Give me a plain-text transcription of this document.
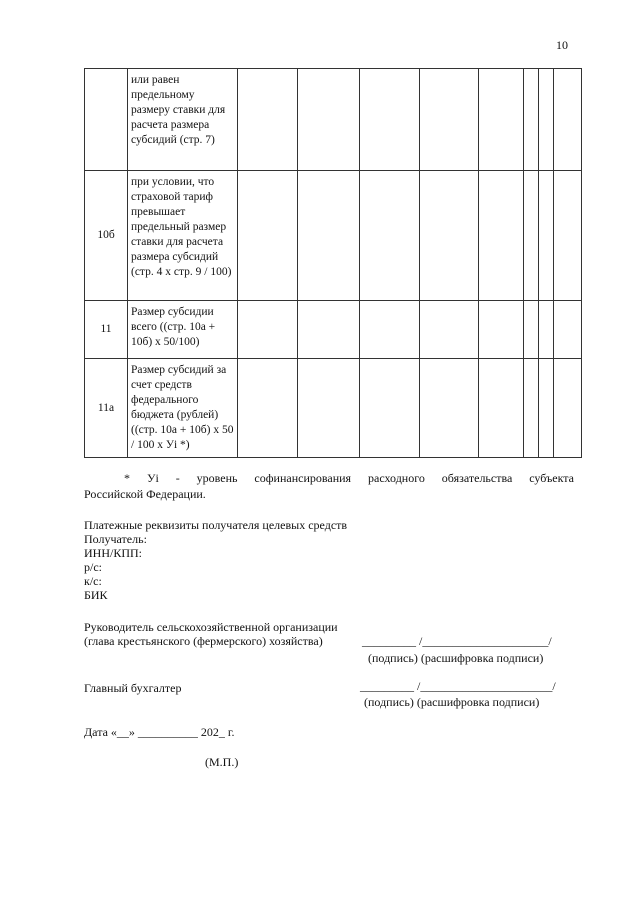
10
	или равен предельному размеру ставки для расчета размера субсидий (стр. 7)								
10б	при условии, что страховой тариф превышает предельный размер ставки для расчета размера субсидий (стр. 4 х стр. 9 / 100)								
11	Размер субсидии всего ((стр. 10а + 10б) х 50/100)								
11а	Размер субсидий за счет средств федерального бюджета (рублей) ((стр. 10а + 10б) х 50 / 100 х Уi *)								
* Уi - уровень софинансирования расходного обязательства субъекта
Российской Федерации.
Платежные реквизиты получателя целевых средств
Получатель:
ИНН/КПП:
р/с:
к/с:
БИК
Руководитель сельскохозяйственной организации
(глава крестьянского (фермерского) хозяйства)	_________ /_____________________/
(подпись) (расшифровка подписи)
Главный бухгалтер	_________ /______________________/
(подпись) (расшифровка подписи)
Дата «__» __________ 202_ г.
(М.П.)
